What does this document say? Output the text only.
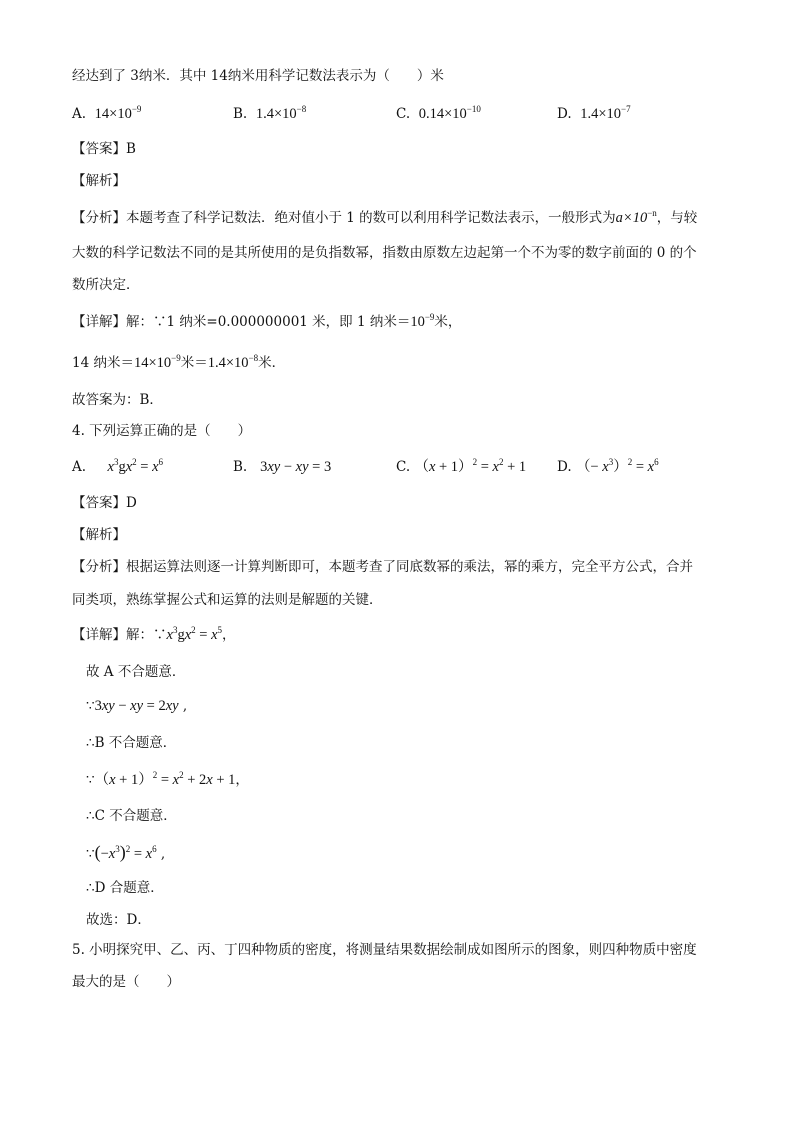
经达到了 3纳米．其中 14纳米用科学记数法表示为（　　）米
A. $14\times 10^{-9}$	B. $1.4\times 10^{-8}$	C. $0.14\times 10^{-10}$	D. $1.4\times 10^{-7}$
【答案】B
【解析】
【分析】本题考查了科学记数法．绝对值小于 1 的数可以利用科学记数法表示，一般形式为$a\times 10^{-n}$，与较
大数的科学记数法不同的是其所使用的是负指数幂，指数由原数左边起第一个不为零的数字前面的 0 的个
数所决定．
【详解】解：∵1 纳米=0.000000001 米，即 1 纳米$=10^{-9}$米，
14 纳米$=14\times 10^{-9}$米$=1.4\times 10^{-8}$米．
故答案为：B．
4. 下列运算正确的是（　　）
A. $x^3gx^2 = x^6$	B. 3xy − xy = 3	C. $(x + 1)^2 = x^2 + 1$ D. （− $x^3)^2 = x^6$
【答案】D
【解析】
【分析】根据运算法则逐一计算判断即可，本题考查了同底数幂的乘法，幂的乘方，完全平方公式，合并
同类项，熟练掌握公式和运算的法则是解题的关键．
【详解】解：$\because x^3gx^2 = x^5$，
故 A 不合题意．
∵3xy − xy = 2xy ,
∴B 不合题意．
∵（x + $1)^2 = x^2 + 2x + 1$，
∴C 不合题意．
$\because(-x^3)^2 = x^6$ ,
∴D 合题意．
故选：D．
5. 小明探究甲、乙、丙、丁四种物质的密度，将测量结果数据绘制成如图所示的图象，则四种物质中密度
最大的是（　　）
